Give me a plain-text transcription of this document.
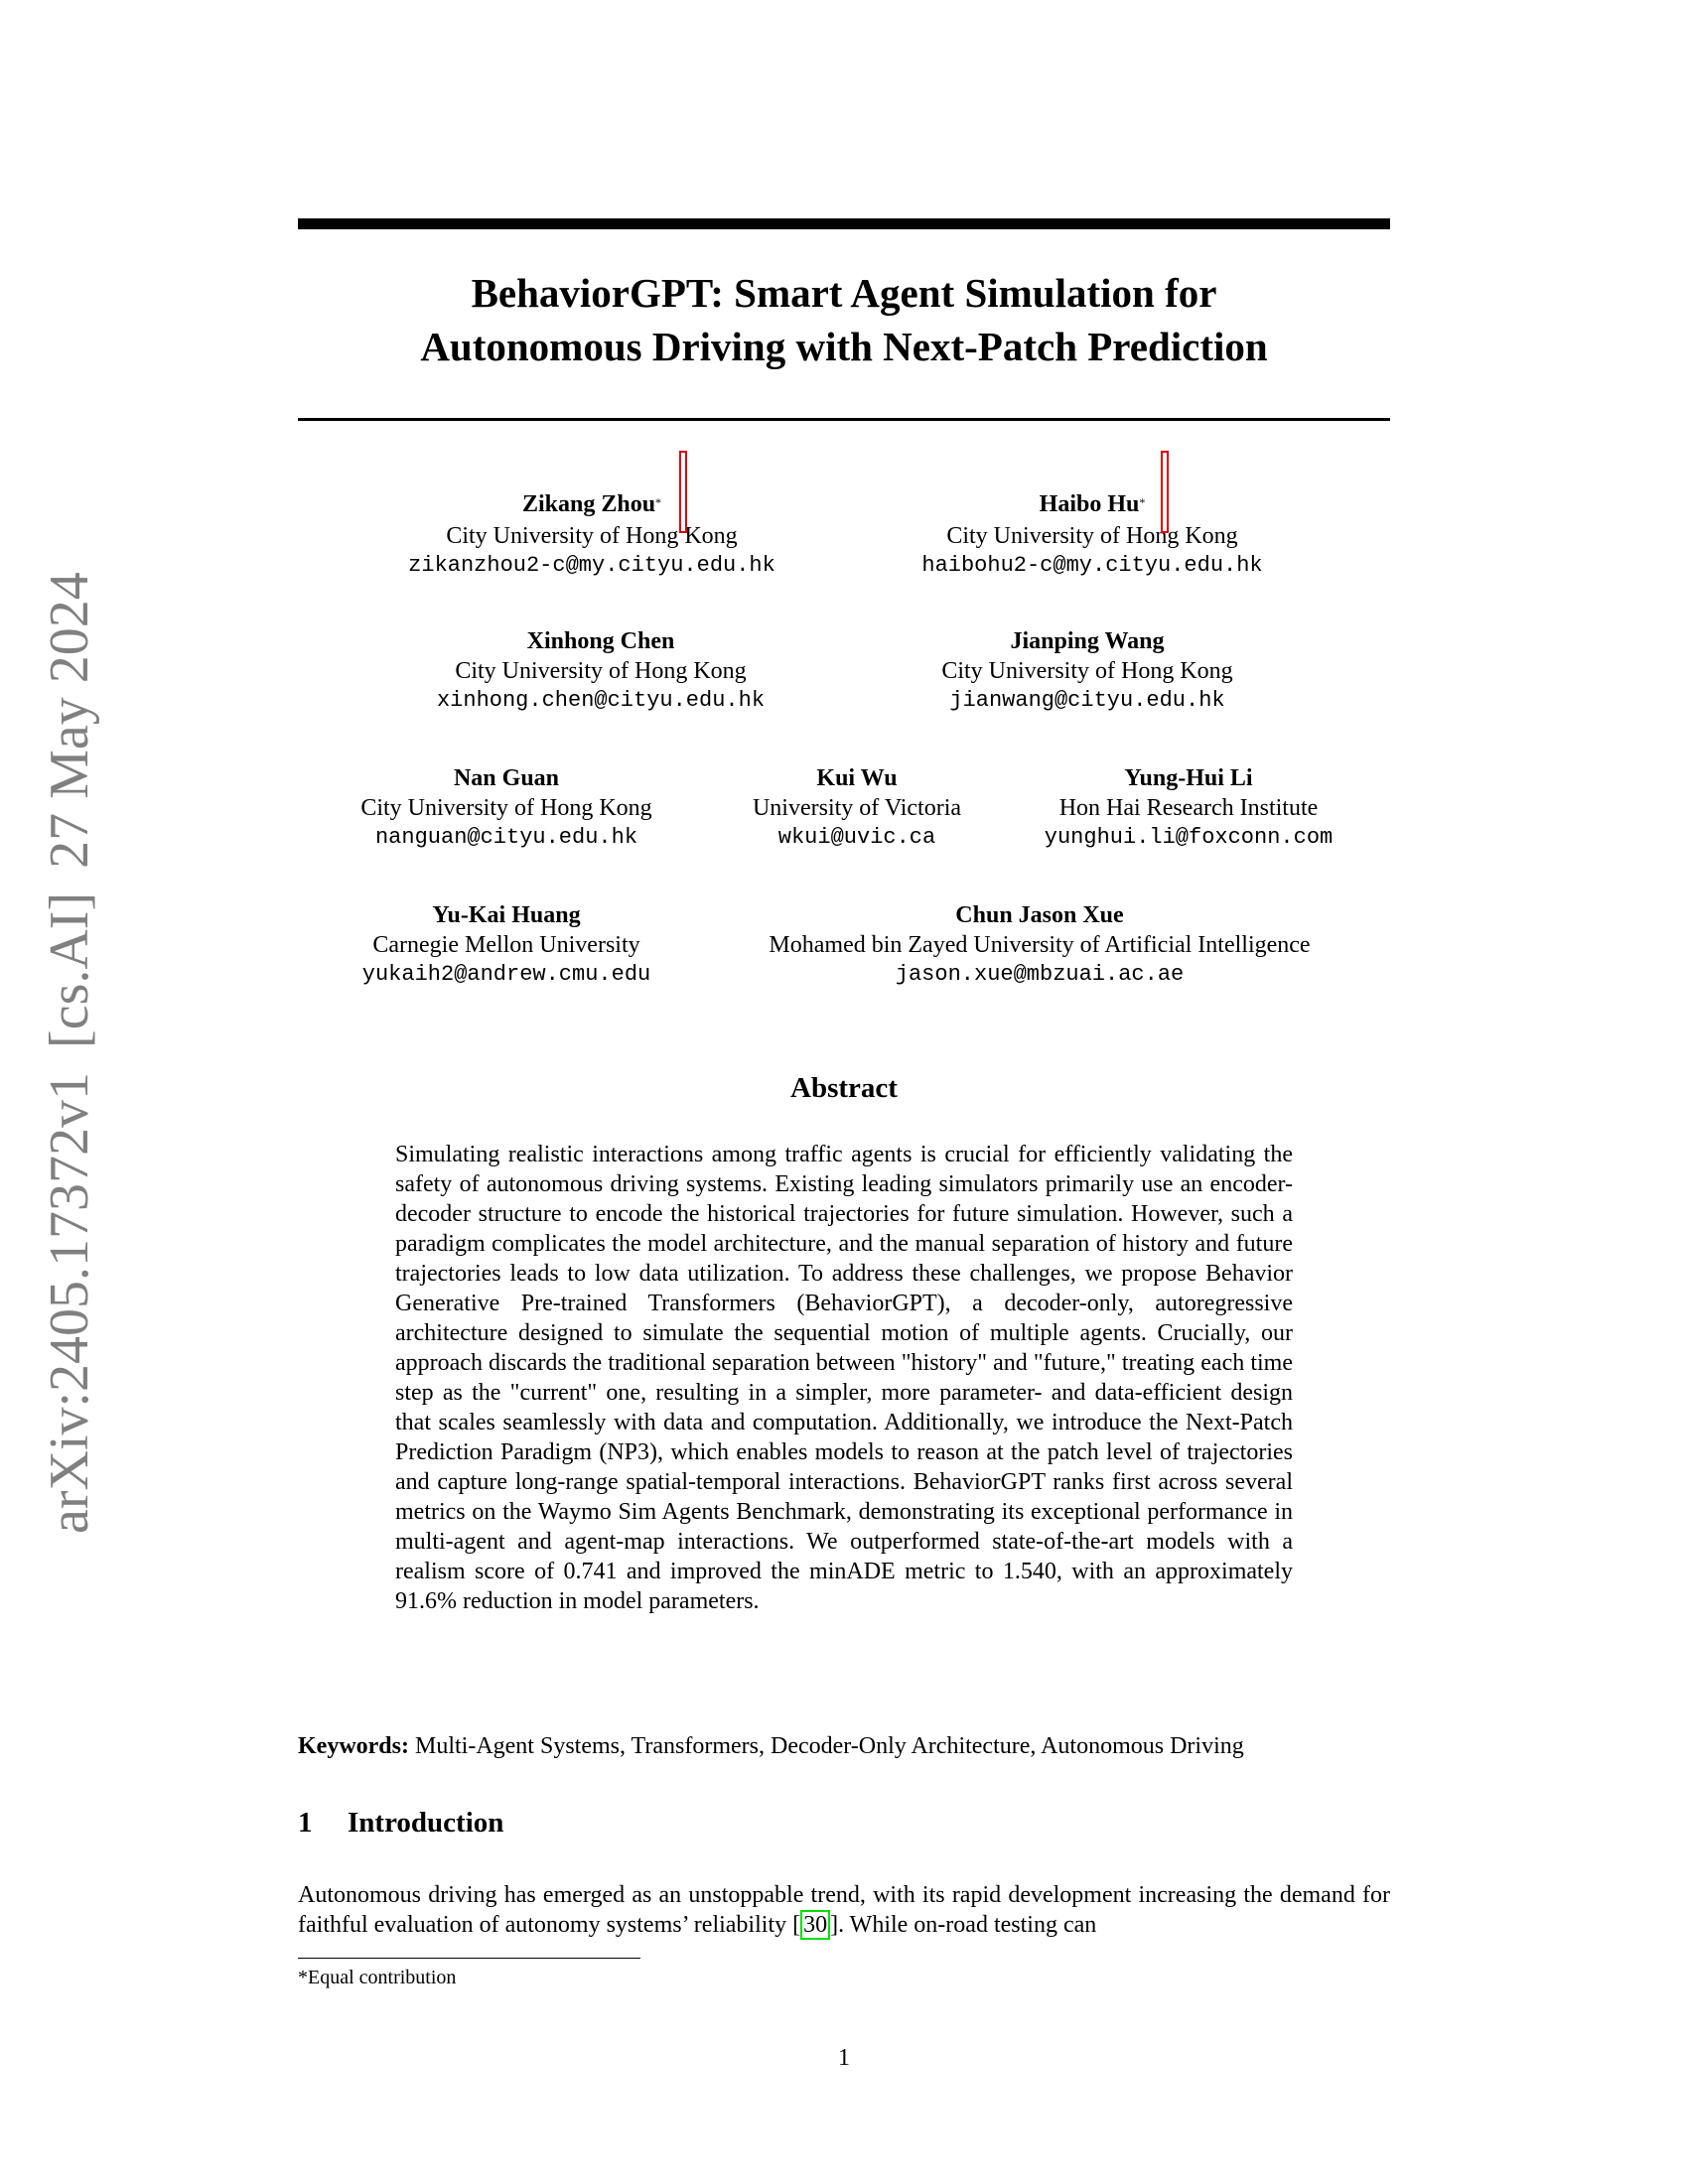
arXiv:2405.17372v1[cs.AI]27 May 2024
BehaviorGPT: Smart Agent Simulation for
Autonomous Driving with Next-Patch Prediction
Zikang Zhou*
City University of Hong Kong
zikanzhou2-c@my.cityu.edu.hk
Haibo Hu*
City University of Hong Kong
haibohu2-c@my.cityu.edu.hk
Xinhong Chen
City University of Hong Kong
xinhong.chen@cityu.edu.hk
Jianping Wang
City University of Hong Kong
jianwang@cityu.edu.hk
Nan Guan
City University of Hong Kong
nanguan@cityu.edu.hk
Kui Wu
University of Victoria
wkui@uvic.ca
Yung-Hui Li
Hon Hai Research Institute
yunghui.li@foxconn.com
Yu-Kai Huang
Carnegie Mellon University
yukaih2@andrew.cmu.edu
Chun Jason Xue
Mohamed bin Zayed University of Artificial Intelligence
jason.xue@mbzuai.ac.ae
Abstract
Simulating realistic interactions among traffic agents is crucial for efficiently validating the safety of autonomous driving systems. Existing leading simulators primarily use an encoder-decoder structure to encode the historical trajectories for future simulation. However, such a paradigm complicates the model architecture, and the manual separation of history and future trajectories leads to low data utilization. To address these challenges, we propose Behavior Generative Pre-trained Transformers (BehaviorGPT), a decoder-only, autoregressive architecture designed to simulate the sequential motion of multiple agents. Crucially, our approach discards the traditional separation between "history" and "future," treating each time step as the "current" one, resulting in a simpler, more parameter- and data-efficient design that scales seamlessly with data and computation. Additionally, we introduce the Next-Patch Prediction Paradigm (NP3), which enables models to reason at the patch level of trajectories and capture long-range spatial-temporal interactions. BehaviorGPT ranks first across several metrics on the Waymo Sim Agents Benchmark, demonstrating its exceptional performance in multi-agent and agent-map interactions. We outperformed state-of-the-art models with a realism score of 0.741 and improved the minADE metric to 1.540, with an approximately 91.6% reduction in model parameters.
Keywords: Multi-Agent Systems, Transformers, Decoder-Only Architecture, Autonomous Driving
1 Introduction
Autonomous driving has emerged as an unstoppable trend, with its rapid development increasing the demand for faithful evaluation of autonomy systems’ reliability [ 30 ]. While on-road testing can
*Equal contribution
1
